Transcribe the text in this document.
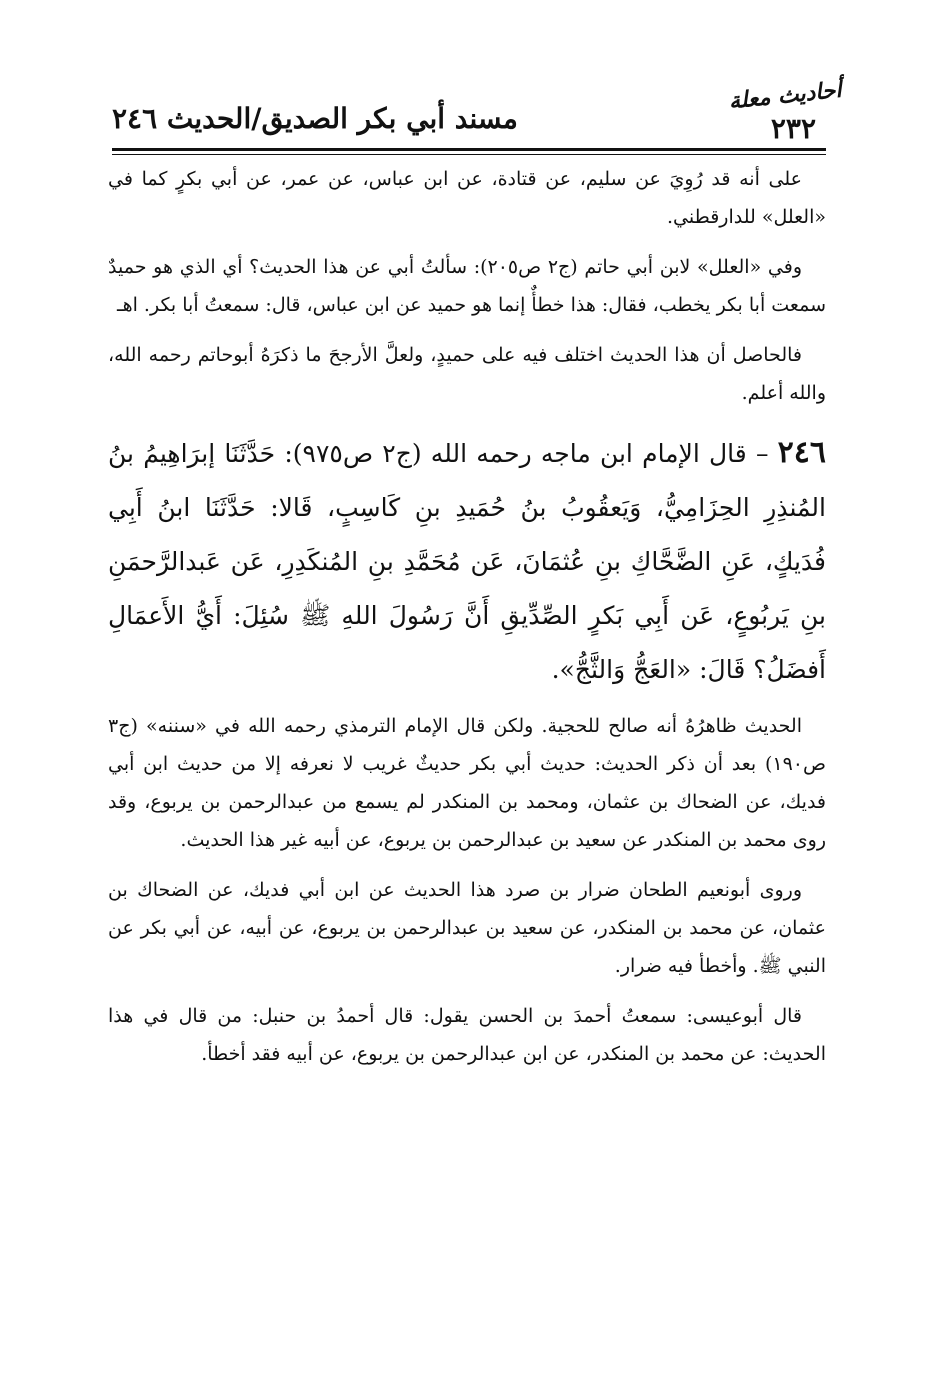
أحاديث معلة
٢٣٢
مسند أبي بكر الصديق/الحديث ٢٤٦

على أنه قد رُوِيَ عن سليم، عن قتادة، عن ابن عباس، عن عمر، عن أبي بكرٍ كما في «العلل» للدارقطني.

وفي «العلل» لابن أبي حاتم (ج٢ ص٢٠٥): سألتُ أبي عن هذا الحديث؟ أي الذي هو حميدٌ سمعت أبا بكر يخطب، فقال: هذا خطأٌ إنما هو حميد عن ابن عباس، قال: سمعتُ أبا بكر. اهـ

فالحاصل أن هذا الحديث اختلف فيه على حميدٍ، ولعلَّ الأرجحَ ما ذكرَهُ أبوحاتم رحمه الله، والله أعلم.

٢٤٦ – قال الإمام ابن ماجه رحمه الله (ج٢ ص٩٧٥): حَدَّثَنَا إبرَاهِيمُ بنُ المُنذِرِ الحِزَامِيُّ، وَيَعقُوبُ بنُ حُمَيدِ بنِ كَاسِبٍ، قَالا: حَدَّثَنَا ابنُ أَبِي فُدَيكٍ، عَنِ الضَّحَّاكِ بنِ عُثمَانَ، عَن مُحَمَّدِ بنِ المُنكَدِرِ، عَن عَبدالرَّحمَنِ بنِ يَربُوعٍ، عَن أَبِي بَكرٍ الصِّدِّيقِ أَنَّ رَسُولَ اللهِ ﷺ سُئِلَ: أَيُّ الأَعمَالِ أَفضَلُ؟ قَالَ: «العَجُّ وَالثَّجُّ».

الحديث ظاهرُهُ أنه صالح للحجية. ولكن قال الإمام الترمذي رحمه الله في «سننه» (ج٣ ص١٩٠) بعد أن ذكر الحديث: حديث أبي بكر حديثٌ غريب لا نعرفه إلا من حديث ابن أبي فديك، عن الضحاك بن عثمان، ومحمد بن المنكدر لم يسمع من عبدالرحمن بن يربوع، وقد روى محمد بن المنكدر عن سعيد بن عبدالرحمن بن يربوع، عن أبيه غير هذا الحديث.

وروى أبونعيم الطحان ضرار بن صرد هذا الحديث عن ابن أبي فديك، عن الضحاك بن عثمان، عن محمد بن المنكدر، عن سعيد بن عبدالرحمن بن يربوع، عن أبيه، عن أبي بكر عن النبي ﷺ. وأخطأ فيه ضرار.

قال أبوعيسى: سمعتُ أحمدَ بن الحسن يقول: قال أحمدُ بن حنبل: من قال في هذا الحديث: عن محمد بن المنكدر، عن ابن عبدالرحمن بن يربوع، عن أبيه فقد أخطأ.
